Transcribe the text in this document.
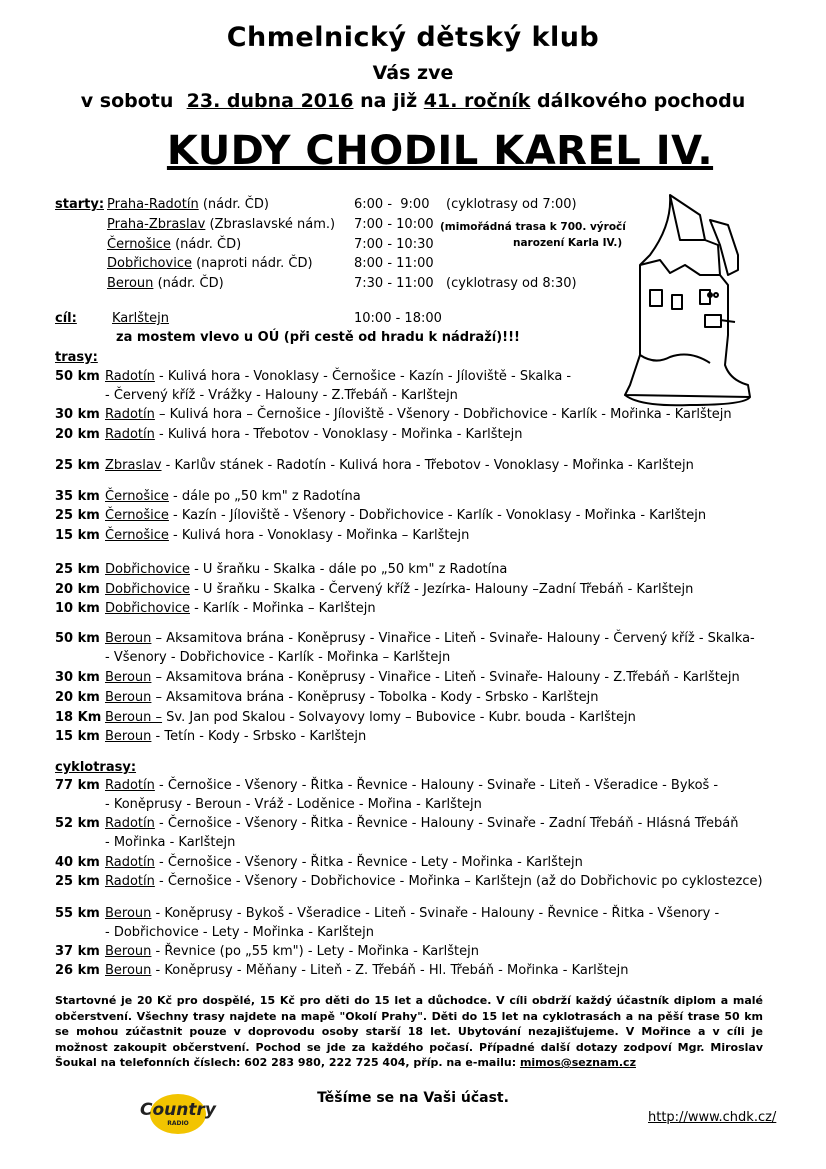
Chmelnický dětský klub
Vás zve
v sobotu 23. dubna 2016 na již 41. ročník dálkového pochodu
KUDY CHODIL KAREL IV.
starty: Praha-Radotín (nádr. ČD)	6:00 -  9:00 (cyklotrasy od 7:00)
Praha-Zbraslav (Zbraslavské nám.) 7:00 - 10:00
Černošice (nádr. ČD)	7:00 - 10:30
Dobřichovice (naproti nádr. ČD)	8:00 - 11:00
Beroun (nádr. ČD)	7:30 - 11:00 (cyklotrasy od 8:30)
(mimořádná trasa k 700. výročí
narození Karla IV.)
cíl:	Karlštejn	10:00 - 18:00
za mostem vlevo u OÚ (při cestě od hradu k nádraží)!!!
trasy:
50 km Radotín - Kulivá hora - Vonoklasy - Černošice - Kazín - Jíloviště - Skalka -
- Červený kříž - Vrážky - Halouny - Z.Třebáň - Karlštejn
30 km Radotín – Kulivá hora – Černošice - Jíloviště - Všenory - Dobřichovice - Karlík - Mořinka - Karlštejn
20 km Radotín - Kulivá hora - Třebotov - Vonoklasy - Mořinka - Karlštejn
25 km Zbraslav - Karlův stánek - Radotín - Kulivá hora - Třebotov - Vonoklasy - Mořinka - Karlštejn
35 km Černošice - dále po „50 km" z Radotína
25 km Černošice - Kazín - Jíloviště - Všenory - Dobřichovice - Karlík - Vonoklasy - Mořinka - Karlštejn
15 km Černošice - Kulivá hora - Vonoklasy - Mořinka – Karlštejn
25 km Dobřichovice - U šraňku - Skalka - dále po „50 km" z Radotína
20 km Dobřichovice - U šraňku - Skalka - Červený kříž - Jezírka- Halouny –Zadní Třebáň - Karlštejn
10 km Dobřichovice - Karlík - Mořinka – Karlštejn
50 km Beroun – Aksamitova brána - Koněprusy - Vinařice - Liteň - Svinaře- Halouny - Červený kříž - Skalka-
- Všenory - Dobřichovice - Karlík - Mořinka – Karlštejn
30 km Beroun – Aksamitova brána - Koněprusy - Vinařice - Liteň - Svinaře- Halouny - Z.Třebáň - Karlštejn
20 km Beroun – Aksamitova brána - Koněprusy - Tobolka - Kody - Srbsko - Karlštejn
18 Km Beroun – Sv. Jan pod Skalou - Solvayovy lomy – Bubovice - Kubr. bouda - Karlštejn
15 km Beroun - Tetín - Kody - Srbsko - Karlštejn
cyklotrasy:
77 km Radotín - Černošice - Všenory - Řitka - Řevnice - Halouny - Svinaře - Liteň - Všeradice - Bykoš -
- Koněprusy - Beroun - Vráž - Loděnice - Mořina - Karlštejn
52 km Radotín - Černošice - Všenory - Řitka - Řevnice - Halouny - Svinaře - Zadní Třebáň - Hlásná Třebáň
- Mořinka - Karlštejn
40 km Radotín - Černošice - Všenory - Řitka - Řevnice - Lety - Mořinka - Karlštejn
25 km Radotín - Černošice - Všenory - Dobřichovice - Mořinka – Karlštejn (až do Dobřichovic po cyklostezce)
55 km Beroun - Koněprusy - Bykoš - Všeradice - Liteň - Svinaře - Halouny - Řevnice - Řitka - Všenory -
- Dobřichovice - Lety - Mořinka - Karlštejn
37 km Beroun - Řevnice (po „55 km") - Lety - Mořinka - Karlštejn
26 km Beroun - Koněprusy - Měňany - Liteň - Z. Třebáň - Hl. Třebáň - Mořinka - Karlštejn
Startovné je 20 Kč pro dospělé, 15 Kč pro děti do 15 let a důchodce. V cíli obdrží každý účastník diplom a malé občerstvení. Všechny trasy najdete na mapě "Okolí Prahy". Děti do 15 let na cyklotrasách a na pěší trase 50 km se mohou zúčastnit pouze v doprovodu osoby starší 18 let. Ubytování nezajišťujeme. V Mořince a v cíli je možnost zakoupit občerstvení. Pochod se jde za každého počasí. Případné další dotazy zodpoví Mgr. Miroslav Šoukal na telefonních číslech: 602 283 980, 222 725 404, příp. na e-mailu: mimos@seznam.cz
Country
RADIO
Těšíme se na Vaši účast.
http://www.chdk.cz/
